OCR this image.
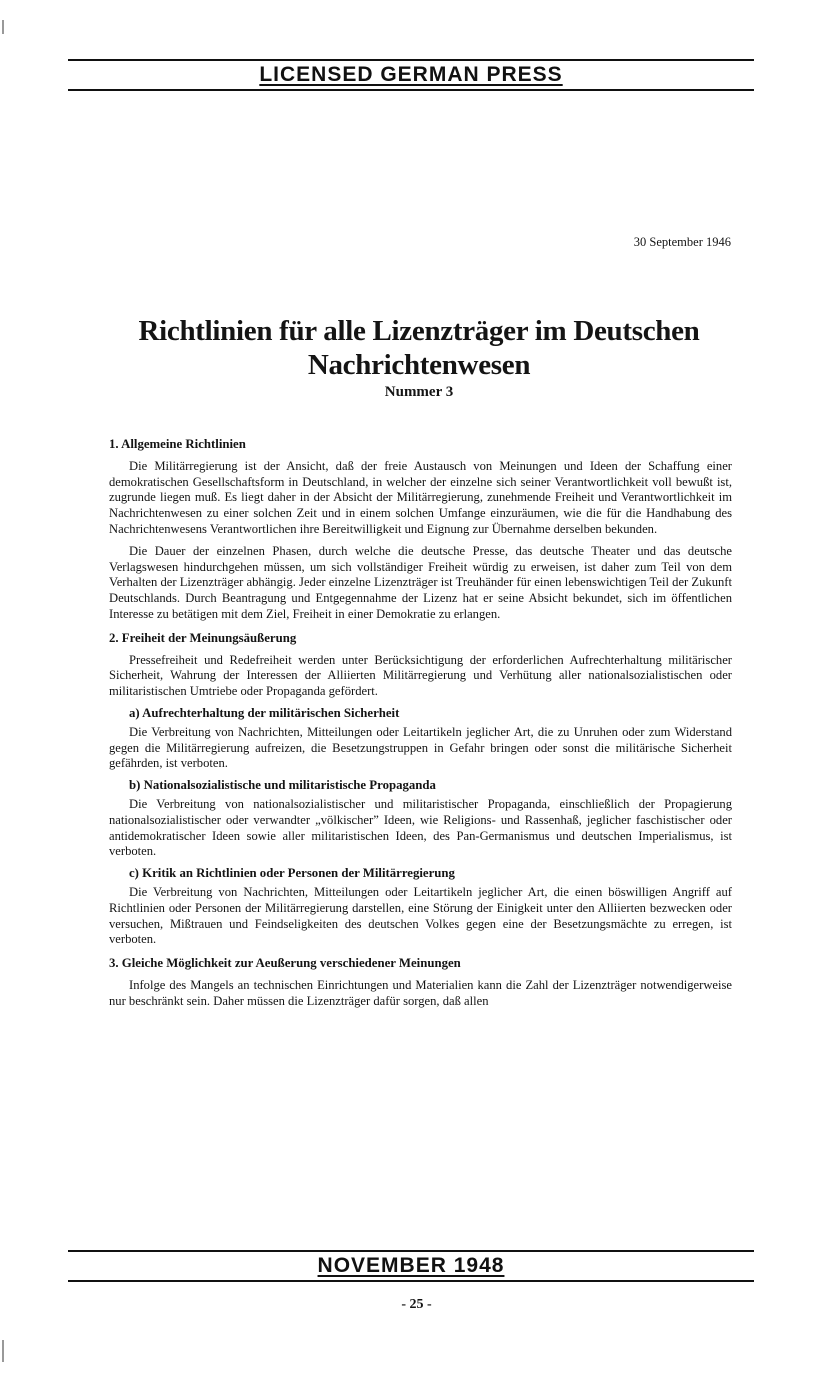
LICENSED GERMAN PRESS
30 September 1946
Richtlinien für alle Lizenzträger im Deutschen Nachrichtenwesen
Nummer 3
1. Allgemeine Richtlinien

Die Militärregierung ist der Ansicht, daß der freie Austausch von Meinungen und Ideen der Schaffung einer demokratischen Gesellschaftsform in Deutschland, in welcher der einzelne sich seiner Verantwortlichkeit voll bewußt ist, zugrunde liegen muß. Es liegt daher in der Absicht der Militärregierung, zunehmende Freiheit und Verantwortlichkeit im Nachrichtenwesen zu einer solchen Zeit und in einem solchen Umfange einzuräumen, wie die für die Handhabung des Nachrichtenwesens Verantwortlichen ihre Bereitwilligkeit und Eignung zur Übernahme derselben bekunden.

Die Dauer der einzelnen Phasen, durch welche die deutsche Presse, das deutsche Theater und das deutsche Verlagswesen hindurchgehen müssen, um sich vollständiger Freiheit würdig zu erweisen, ist daher zum Teil von dem Verhalten der Lizenzträger abhängig. Jeder einzelne Lizenzträger ist Treuhänder für einen lebenswichtigen Teil der Zukunft Deutschlands. Durch Beantragung und Entgegennahme der Lizenz hat er seine Absicht bekundet, sich im öffentlichen Interesse zu betätigen mit dem Ziel, Freiheit in einer Demokratie zu erlangen.

2. Freiheit der Meinungsäußerung

Pressefreiheit und Redefreiheit werden unter Berücksichtigung der erforderlichen Aufrechterhaltung militärischer Sicherheit, Wahrung der Interessen der Alliierten Militärregierung und Verhütung aller nationalsozialistischen oder militaristischen Umtriebe oder Propaganda gefördert.

a) Aufrechterhaltung der militärischen Sicherheit

Die Verbreitung von Nachrichten, Mitteilungen oder Leitartikeln jeglicher Art, die zu Unruhen oder zum Widerstand gegen die Militärregierung aufreizen, die Besetzungstruppen in Gefahr bringen oder sonst die militärische Sicherheit gefährden, ist verboten.

b) Nationalsozialistische und militaristische Propaganda

Die Verbreitung von nationalsozialistischer und militaristischer Propaganda, einschließlich der Propagierung nationalsozialistischer oder verwandter „völkischer” Ideen, wie Religions- und Rassenhaß, jeglicher faschistischer oder antidemokratischer Ideen sowie aller militaristischen Ideen, des Pan-Germanismus und deutschen Imperialismus, ist verboten.

c) Kritik an Richtlinien oder Personen der Militärregierung

Die Verbreitung von Nachrichten, Mitteilungen oder Leitartikeln jeglicher Art, die einen böswilligen Angriff auf Richtlinien oder Personen der Militärregierung darstellen, eine Störung der Einigkeit unter den Alliierten bezwecken oder versuchen, Mißtrauen und Feindseligkeiten des deutschen Volkes gegen eine der Besetzungsmächte zu erregen, ist verboten.

3. Gleiche Möglichkeit zur Aeußerung verschiedener Meinungen

Infolge des Mangels an technischen Einrichtungen und Materialien kann die Zahl der Lizenzträger notwendigerweise nur beschränkt sein. Daher müssen die Lizenzträger dafür sorgen, daß allen

NOVEMBER 1948
- 25 -
